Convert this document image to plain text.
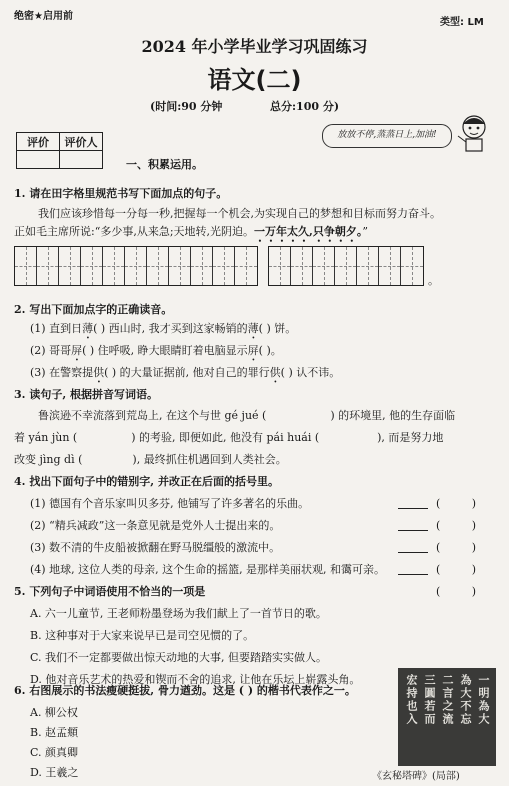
绝密★启用前
类型: LM
2024 年小学毕业学习巩固练习
语文(二)
(时间:90 分钟	总分:100 分)
评价	评价人

一、积累运用。
放放不停,蒸蒸日上,加油!
1. 请在田字格里规范书写下面加点的句子。
我们应该珍惜每一分每一秒,把握每一个机会,为实现自己的梦想和目标而努力奋斗。
正如毛主席所说:“多少事,从来急;天地转,光阴迫。一万年太久,只争朝夕。”
。
2. 写出下面加点字的正确读音。
(1) 直到日薄( ) 西山时, 我才买到这家畅销的薄( ) 饼。
(2) 哥哥屏( ) 住呼吸, 睁大眼睛盯着电脑显示屏( )。
(3) 在警察提供( ) 的大量证据前, 他对自己的罪行供( ) 认不讳。
3. 读句子, 根据拼音写词语。
鲁滨逊不幸流落到荒岛上, 在这个与世 gé jué (	) 的环境里, 他的生存面临
着 yán jùn (	) 的考验, 即便如此, 他没有 pái huái (	), 而是努力地
改变 jìng dì (	), 最终抓住机遇回到人类社会。
4. 找出下面句子中的错别字, 并改正在后面的括号里。
(1) 德国有个音乐家叫贝多芬, 他铺写了许多著名的乐曲。
(2) “精兵减政”这一条意见就是党外人士提出来的。
(3) 数不清的牛皮船被掀翻在野马脱缰般的激流中。
(4) 地球, 这位人类的母亲, 这个生命的摇篮, 是那样美丽状观, 和霭可亲。
(         )
(         )
(         )
(         )
5. 下列句子中词语使用不恰当的一项是	(         )
A. 六一儿童节, 王老师粉墨登场为我们献上了一首节日的歌。
B. 这种事对于大家来说早已是司空见惯的了。
C. 我们不一定都要做出惊天动地的大事, 但要踏踏实实做人。
D. 他对音乐艺术的热爱和锲而不舍的追求, 让他在乐坛上崭露头角。
6. 右图展示的书法瘦硬挺拔, 骨力遒劲。这是 ( ) 的楷书代表作之一。
A. 柳公权
B. 赵孟頫
C. 颜真卿
D. 王羲之
一明為大
為大不忘
二言之流
三圓若而
宏持也入
《玄秘塔碑》(局部)
